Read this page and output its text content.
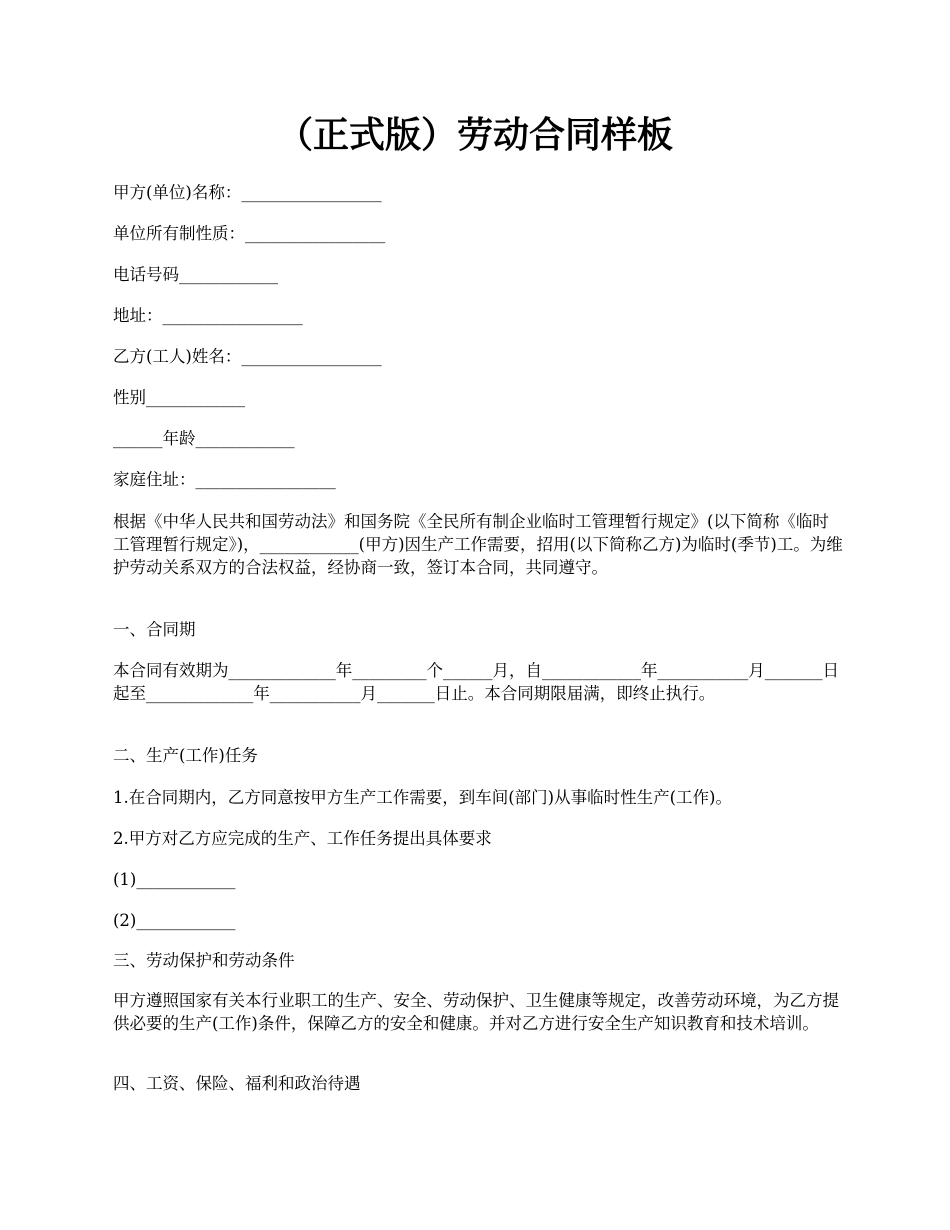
（正式版）劳动合同样板

甲方(单位)名称：_________________

单位所有制性质：_________________

电话号码____________

地址：_________________

乙方(工人)姓名：_________________

性别____________

______年龄____________

家庭住址：_________________

根据《中华人民共和国劳动法》和国务院《全民所有制企业临时工管理暂行规定》(以下简称《临时工管理暂行规定》)，____________(甲方)因生产工作需要，招用(以下简称乙方)为临时(季节)工。为维护劳动关系双方的合法权益，经协商一致，签订本合同，共同遵守。

一、合同期

本合同有效期为_____________年_________个______月，自____________年___________月_______日起至_____________年___________月_______日止。本合同期限届满，即终止执行。

二、生产(工作)任务

1.在合同期内，乙方同意按甲方生产工作需要，到车间(部门)从事临时性生产(工作)。

2.甲方对乙方应完成的生产、工作任务提出具体要求

(1)____________

(2)____________

三、劳动保护和劳动条件

甲方遵照国家有关本行业职工的生产、安全、劳动保护、卫生健康等规定，改善劳动环境，为乙方提供必要的生产(工作)条件，保障乙方的安全和健康。并对乙方进行安全生产知识教育和技术培训。

四、工资、保险、福利和政治待遇
